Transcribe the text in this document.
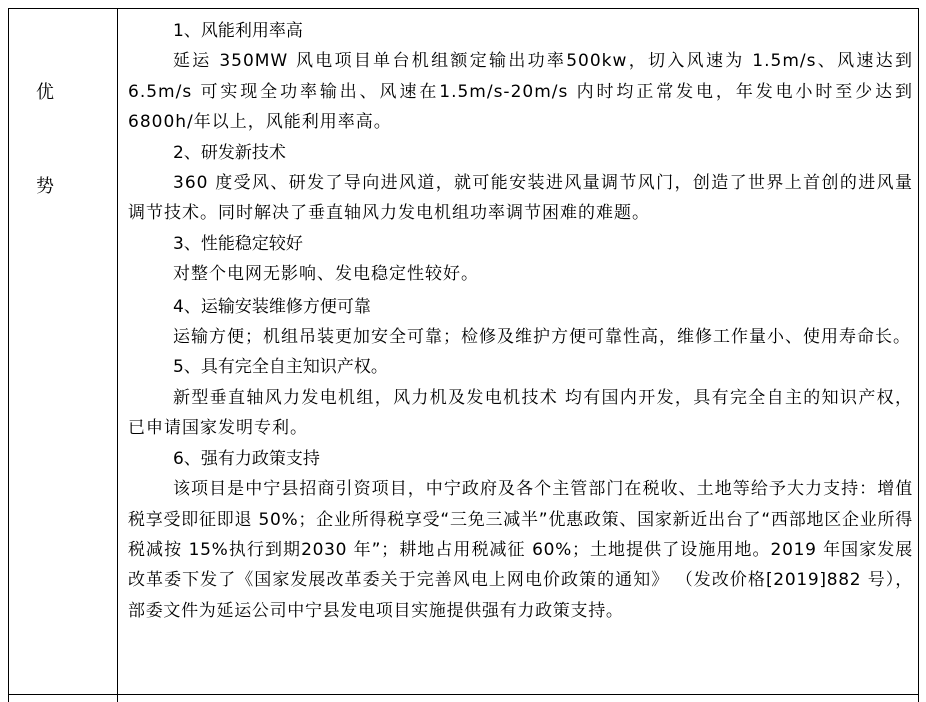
优
势

1、风能利用率高

延运 350MW 风电项目单台机组额定输出功率500kw，切入风速为 1.5m/s、风速达到6.5m/s 可实现全功率输出、风速在1.5m/s-20m/s 内时均正常发电，年发电小时至少达到 6800h/年以上，风能利用率高。

2、研发新技术

360 度受风、研发了导向进风道，就可能安装进风量调节风门，创造了世界上首创的进风量调节技术。同时解决了垂直轴风力发电机组功率调节困难的难题。

3、性能稳定较好

对整个电网无影响、发电稳定性较好。

4、运输安装维修方便可靠

运输方便；机组吊装更加安全可靠；检修及维护方便可靠性高，维修工作量小、使用寿命长。

5、具有完全自主知识产权。

新型垂直轴风力发电机组，风力机及发电机技术 均有国内开发，具有完全自主的知识产权， 已申请国家发明专利。

6、强有力政策支持

该项目是中宁县招商引资项目，中宁政府及各个主管部门在税收、土地等给予大力支持：增值税享受即征即退 50%；企业所得税享受“三免三减半”优惠政策、国家新近出台了“西部地区企业所得税减按 15%执行到期2030 年”；耕地占用税减征 60%；土地提供了设施用地。2019 年国家发展改革委下发了《国家发展改革委关于完善风电上网电价政策的通知》 （发改价格[2019]882 号），部委文件为延运公司中宁县发电项目实施提供强有力政策支持。
